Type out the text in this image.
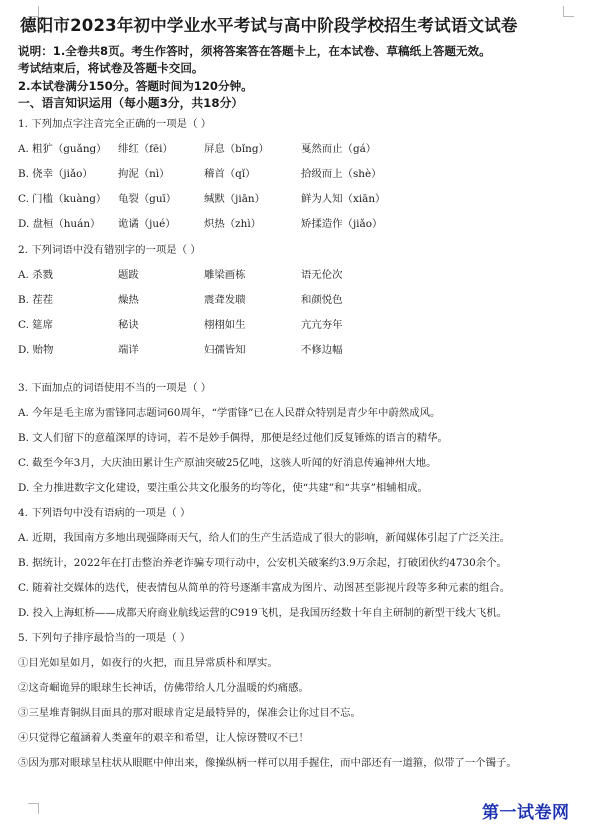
德阳市2023年初中学业水平考试与高中阶段学校招生考试语文试卷
说明：1.全卷共8页。考生作答时，须将答案答在答题卡上，在本试卷、草稿纸上答题无效。
考试结束后，将试卷及答题卡交回。
2.本试卷满分150分。答题时间为120分钟。
一、语言知识运用（每小题3分，共18分）
1. 下列加点字注音完全正确的一项是（ ）
A. 粗犷（guǎng）	绯红（fēi）	屏息（bǐng）	戛然而止（gá）
B. 侥幸（jiǎo）	拘泥（nì）	稽首（qǐ）	拾级而上（shè）
C. 门槛（kuàng）	龟裂（guī）	缄默（jiān）	鲜为人知（xiān）
D. 盘桓（huán）	诡谲（jué）	炽热（zhì）	矫揉造作（jiǎo）
2. 下列词语中没有错别字的一项是（ ）
A. 杀戮	题跋	雕梁画栋	语无伦次
B. 茬茬	燥热	震聋发聩	和颜悦色
C. 筵席	秘诀	栩栩如生	亢亢夯年
D. 贻物	端详	妇孺皆知	不修边幅
3. 下面加点的词语使用不当的一项是（ ）
A. 今年是毛主席为雷锋同志题词60周年，“学雷锋”已在人民群众特别是青少年中蔚然成风。
B. 文人们留下的意蕴深厚的诗词，若不是妙手偶得，那便是经过他们反复锤炼的语言的精华。
C. 截至今年3月，大庆油田累计生产原油突破25亿吨，这骇人听闻的好消息传遍神州大地。
D. 全力推进数字文化建设，要注重公共文化服务的均等化，使“共建”和“共享”相辅相成。
4. 下列语句中没有语病的一项是（ ）
A. 近期，我国南方多地出现强降雨天气，给人们的生产生活造成了很大的影响，新闻媒体引起了广泛关注。
B. 据统计，2022年在打击整治养老诈骗专项行动中，公安机关破案约3.9万余起，打破团伙约4730余个。
C. 随着社交媒体的迭代，使表情包从简单的符号逐渐丰富成为图片、动图甚至影视片段等多种元素的组合。
D. 投入上海虹桥——成都天府商业航线运营的C919飞机，是我国历经数十年自主研制的新型干线大飞机。
5. 下列句子排序最恰当的一项是（ ）
①目光如星如月，如夜行的火把，而且异常质朴和厚实。
②这奇崛诡异的眼球生长神话，仿佛带给人几分温暖的灼痛感。
③三星堆青铜纵目面具的那对眼球肯定是最特异的，保准会让你过目不忘。
④只觉得它蕴涵着人类童年的艰辛和希望，让人惊讶赞叹不已！
⑤因为那对眼球呈柱状从眼眶中伸出来，像操纵柄一样可以用手握住，而中部还有一道箍，似带了一个镯子。
第一试卷网
